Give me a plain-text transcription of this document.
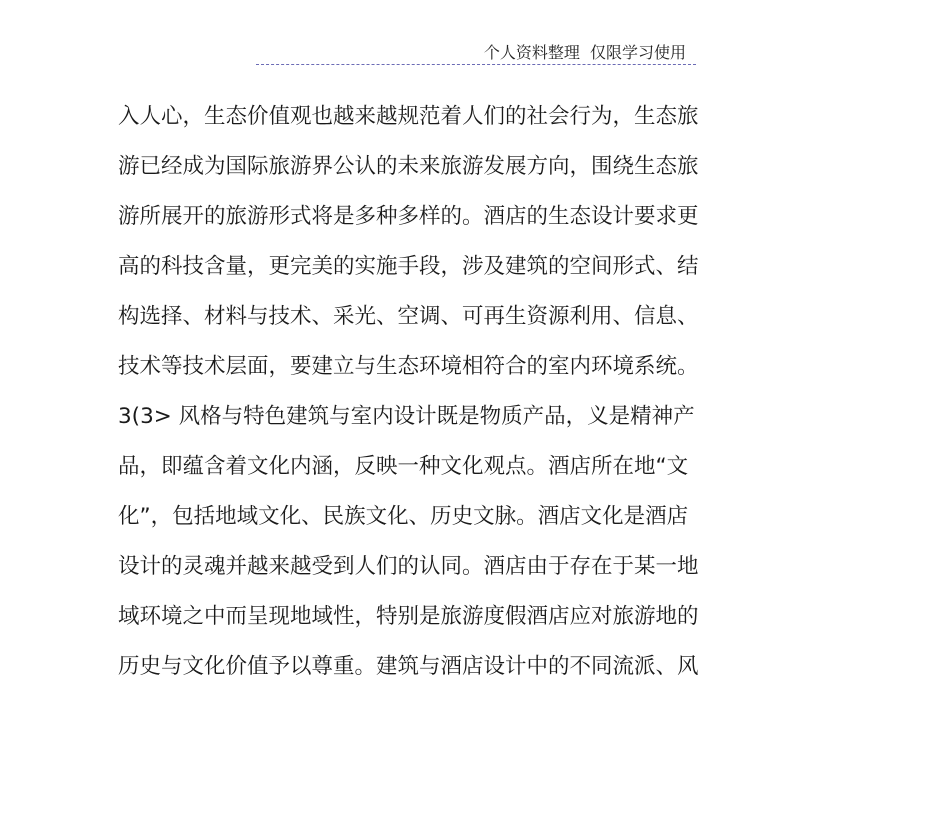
个人资料整理  仅限学习使用
入人心，生态价值观也越来越规范着人们的社会行为，生态旅
游已经成为国际旅游界公认的未来旅游发展方向，围绕生态旅
游所展开的旅游形式将是多种多样的。酒店的生态设计要求更
高的科技含量，更完美的实施手段，涉及建筑的空间形式、结
构选择、材料与技术、采光、空调、可再生资源利用、信息、
技术等技术层面，要建立与生态环境相符合的室内环境系统。
3(3> 风格与特色建筑与室内设计既是物质产品，义是精神产
品，即蕴含着文化内涵，反映一种文化观点。酒店所在地“文
化”，包括地域文化、民族文化、历史文脉。酒店文化是酒店
设计的灵魂并越来越受到人们的认同。酒店由于存在于某一地
域环境之中而呈现地域性，特别是旅游度假酒店应对旅游地的
历史与文化价值予以尊重。建筑与酒店设计中的不同流派、风
